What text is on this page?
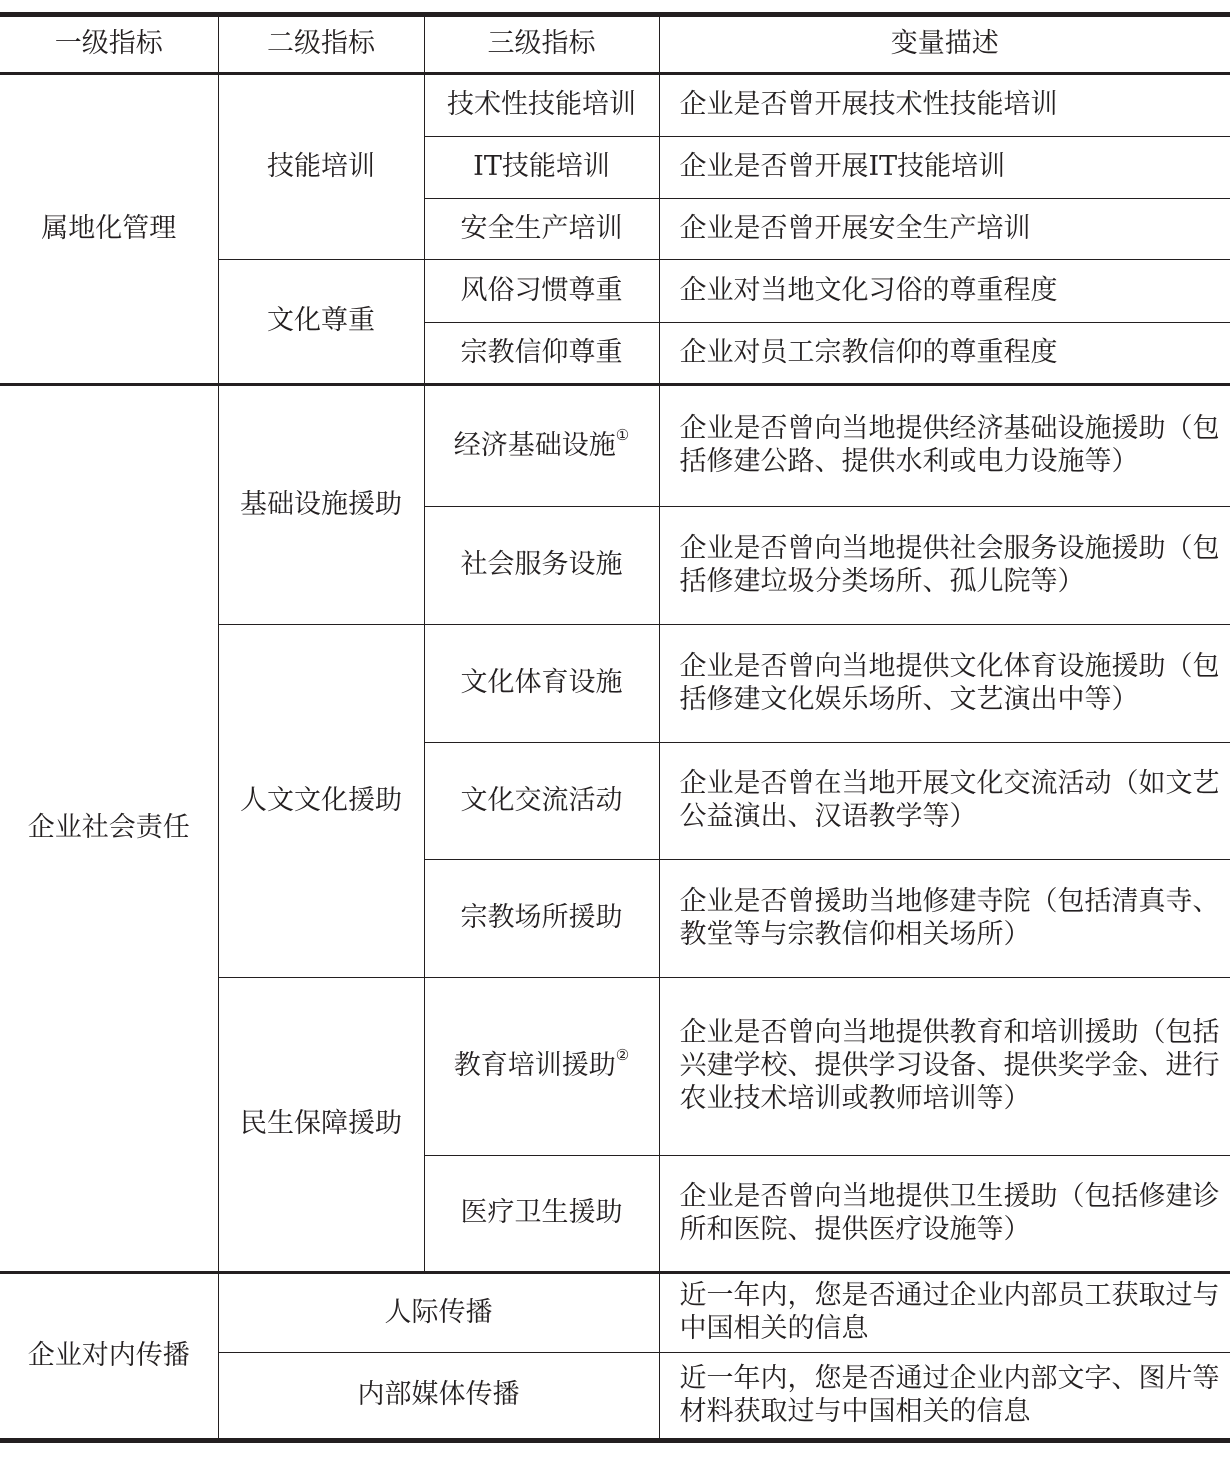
一级指标	二级指标	三级指标	变量描述
属地化管理	技能培训	技术性技能培训	企业是否曾开展技术性技能培训
		IT技能培训	企业是否曾开展IT技能培训
		安全生产培训	企业是否曾开展安全生产培训
	文化尊重	风俗习惯尊重	企业对当地文化习俗的尊重程度
		宗教信仰尊重	企业对员工宗教信仰的尊重程度
企业社会责任	基础设施援助	经济基础设施①	企业是否曾向当地提供经济基础设施援助（包括修建公路、提供水利或电力设施等）
		社会服务设施	企业是否曾向当地提供社会服务设施援助（包括修建垃圾分类场所、孤儿院等）
	人文文化援助	文化体育设施	企业是否曾向当地提供文化体育设施援助（包括修建文化娱乐场所、文艺演出中等）
		文化交流活动	企业是否曾在当地开展文化交流活动（如文艺公益演出、汉语教学等）
		宗教场所援助	企业是否曾援助当地修建寺院（包括清真寺、教堂等与宗教信仰相关场所）
	民生保障援助	教育培训援助②	企业是否曾向当地提供教育和培训援助（包括兴建学校、提供学习设备、提供奖学金、进行农业技术培训或教师培训等）
		医疗卫生援助	企业是否曾向当地提供卫生援助（包括修建诊所和医院、提供医疗设施等）
企业对内传播	人际传播		近一年内，您是否通过企业内部员工获取过与中国相关的信息
	内部媒体传播		近一年内，您是否通过企业内部文字、图片等材料获取过与中国相关的信息
